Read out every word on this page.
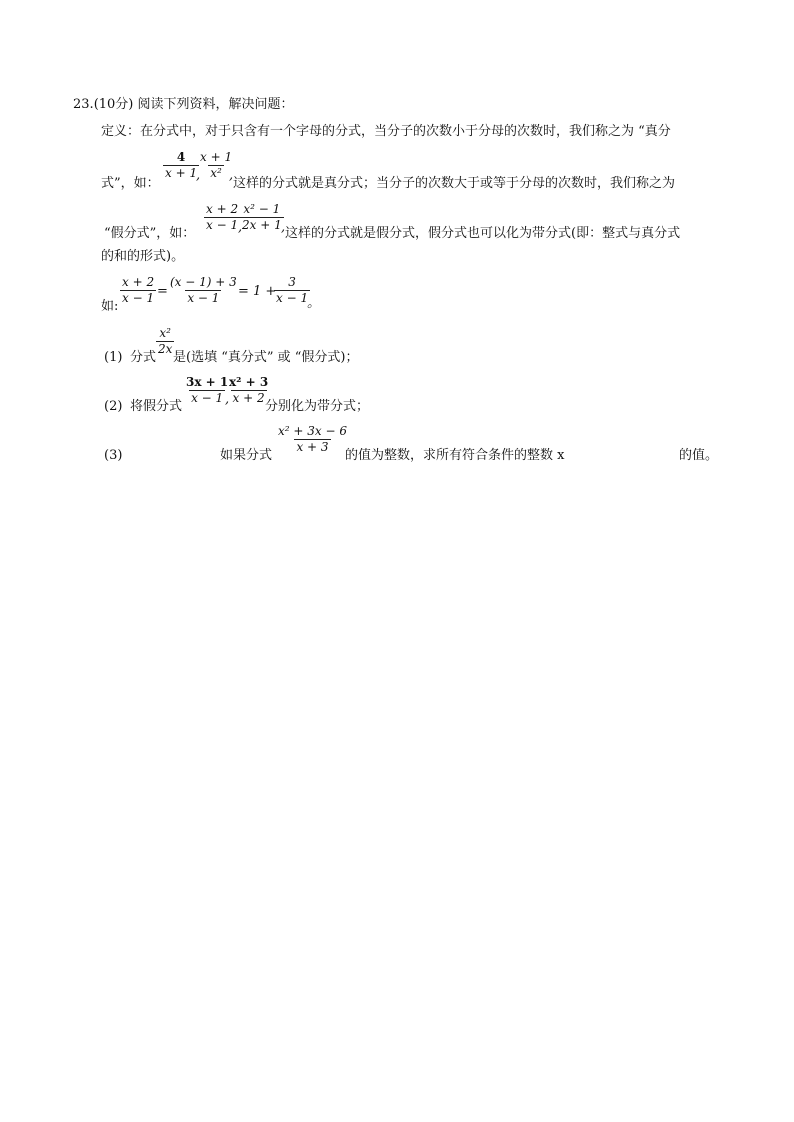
23.(10分) 阅读下列资料，解决问题：
定义：在分式中，对于只含有一个字母的分式，当分子的次数小于分母的次数时，我们称之为 “真分
式”，如：
$\frac{4}{x + 1}$
,
$\frac{x + 1}{\text{x²}}$
,
这样的分式就是真分式；当分子的次数大于或等于分母的次数时，我们称之为
“假分式”，如：
$\frac{x + 2}{x - 1}$
,
$\frac{\text{x² − 1}}{2x + 1}$
, 这样的分式就是假分式，假分式也可以化为带分式(即：整式与真分式
的和的形式)。
如:
$\frac{x + 2}{x - 1} = \frac{(x - 1) + 3}{x - 1} = 1$ +
$\frac{3}{x - 1}$
。
(1) 分式
$\frac{\text{x²}}{2x}$
是(选填 “真分式” 或 “假分式)；
(2) 将假分式
$\frac{3x + 1}{x - 1}$
,
$\frac{\text{x² + 3}}{x + 2}$
分别化为带分式；
(3)	如果分式
$\frac{\text{x² + 3x − 6}}{x + 3}$
的值为整数，求所有符合条件的整数 x	的值。
